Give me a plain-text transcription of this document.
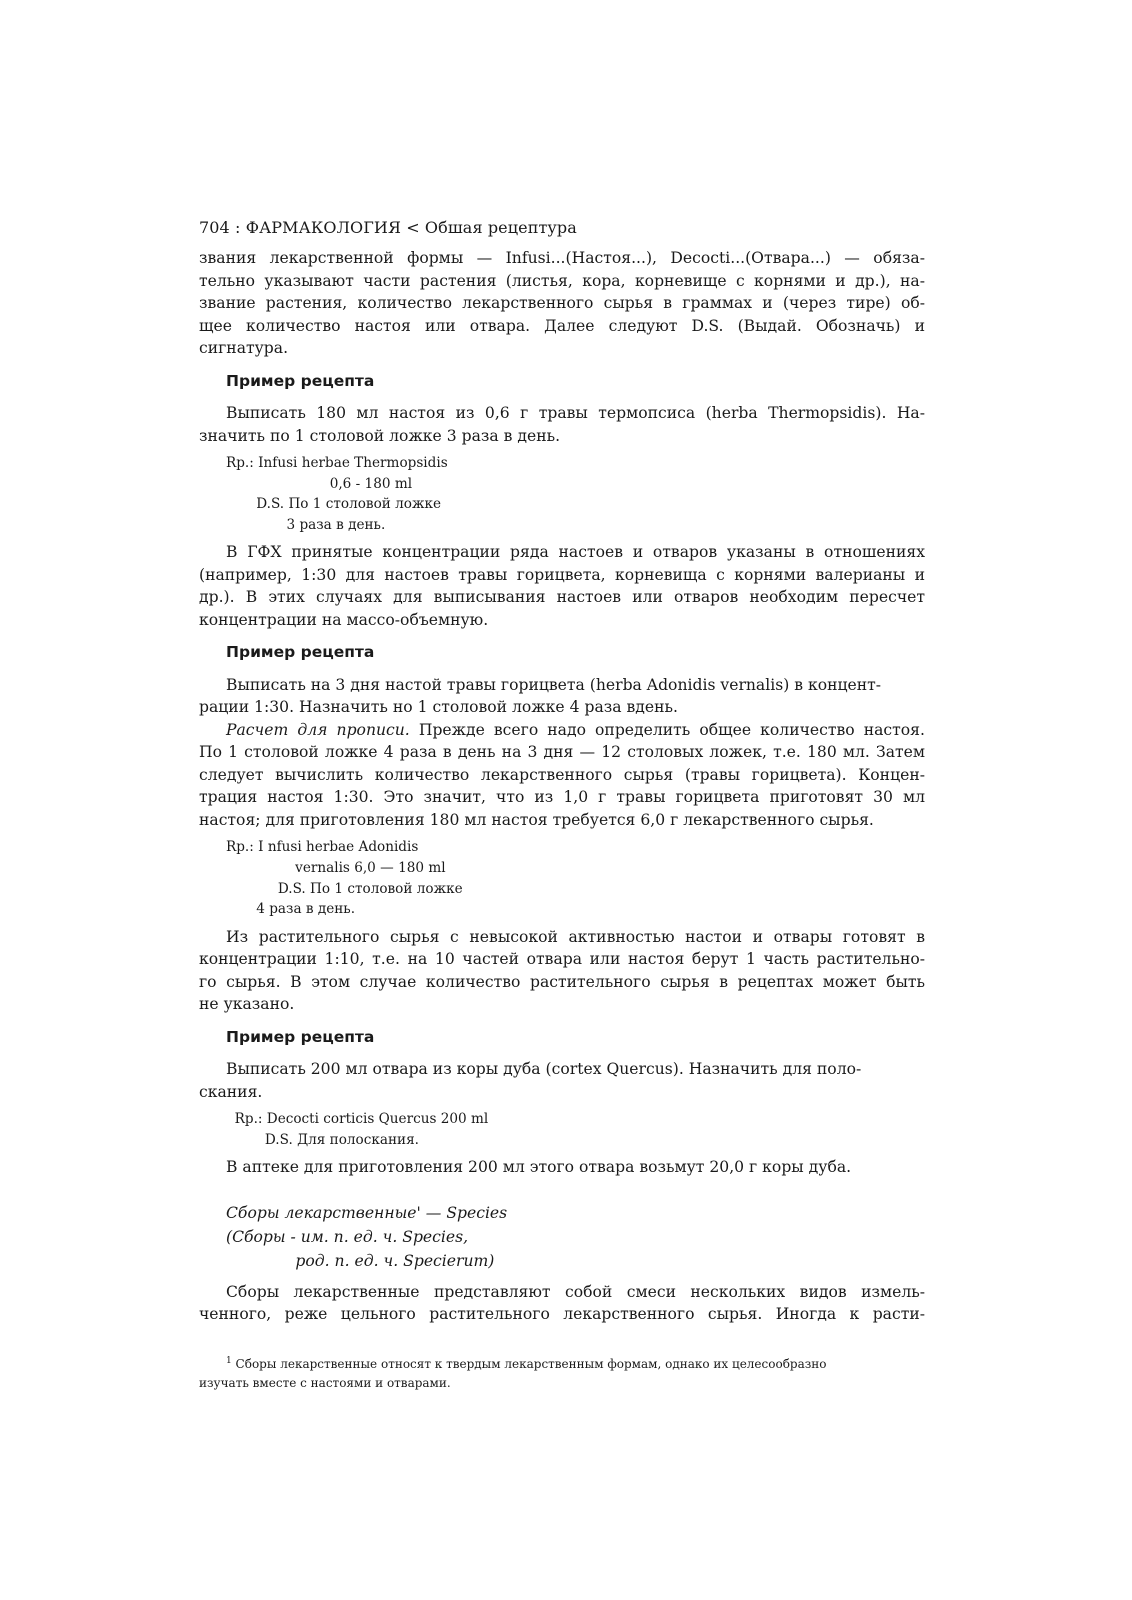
704 : ФАРМАКОЛОГИЯ < Обшая рецептура

звания лекарственной формы — Infusi...(Настоя...), Decocti...(Отвара...) — обяза-

тельно указывают части растения (листья, кора, корневище с корнями и др.), на-

звание растения, количество лекарственного сырья в граммах и (через тире) об-

щее количество настоя или отвара. Далее следуют D.S. (Выдай. Обозначь) и

сигнатура.

Пример рецепта

Выписать 180 мл настоя из 0,6 г травы термопсиса (herba Thermopsidis). На-

значить по 1 столовой ложке 3 раза в день.

Rp.: Infusi herbae Thermopsidis
0,6 - 180 ml
D.S. По 1 столовой ложке
3 раза в день.

В ГФХ принятые концентрации ряда настоев и отваров указаны в отношениях

(например, 1:30 для настоев травы горицвета, корневища с корнями валерианы и

др.). В этих случаях для выписывания настоев или отваров необходим пересчет

концентрации на массо-объемную.

Пример рецепта

Выписать на 3 дня настой травы горицвета (herba Adonidis vernalis) в концент-

рации 1:30. Назначить но 1 столовой ложке 4 раза вдень.

Расчет для прописи. Прежде всего надо определить общее количество настоя.

По 1 столовой ложке 4 раза в день на 3 дня — 12 столовых ложек, т.е. 180 мл. Затем

следует вычислить количество лекарственного сырья (травы горицвета). Концен-

трация настоя 1:30. Это значит, что из 1,0 г травы горицвета приготовят 30 мл

настоя; для приготовления 180 мл настоя требуется 6,0 г лекарственного сырья.

Rp.: I nfusi herbae Adonidis
vernalis 6,0 — 180 ml
D.S. По 1 столовой ложке
4 раза в день.

Из растительного сырья с невысокой активностью настои и отвары готовят в

концентрации 1:10, т.е. на 10 частей отвара или настоя берут 1 часть растительно-

го сырья. В этом случае количество растительного сырья в рецептах может быть

не указано.

Пример рецепта

Выписать 200 мл отвара из коры дуба (cortex Quercus). Назначить для поло-

скания.

Rp.: Decocti corticis Quercus 200 ml
D.S. Для полоскания.

В аптеке для приготовления 200 мл этого отвара возьмут 20,0 г коры дуба.

Сборы лекарственные' — Species
(Сборы - им. п. ед. ч. Species,
род. п. ед. ч. Specierum)

Сборы лекарственные представляют собой смеси нескольких видов измель-

ченного, реже цельного растительного лекарственного сырья. Иногда к расти-

$^1$ Сборы лекарственные относят к твердым лекарственным формам, однако их целесообразно
изучать вместе с настоями и отварами.
